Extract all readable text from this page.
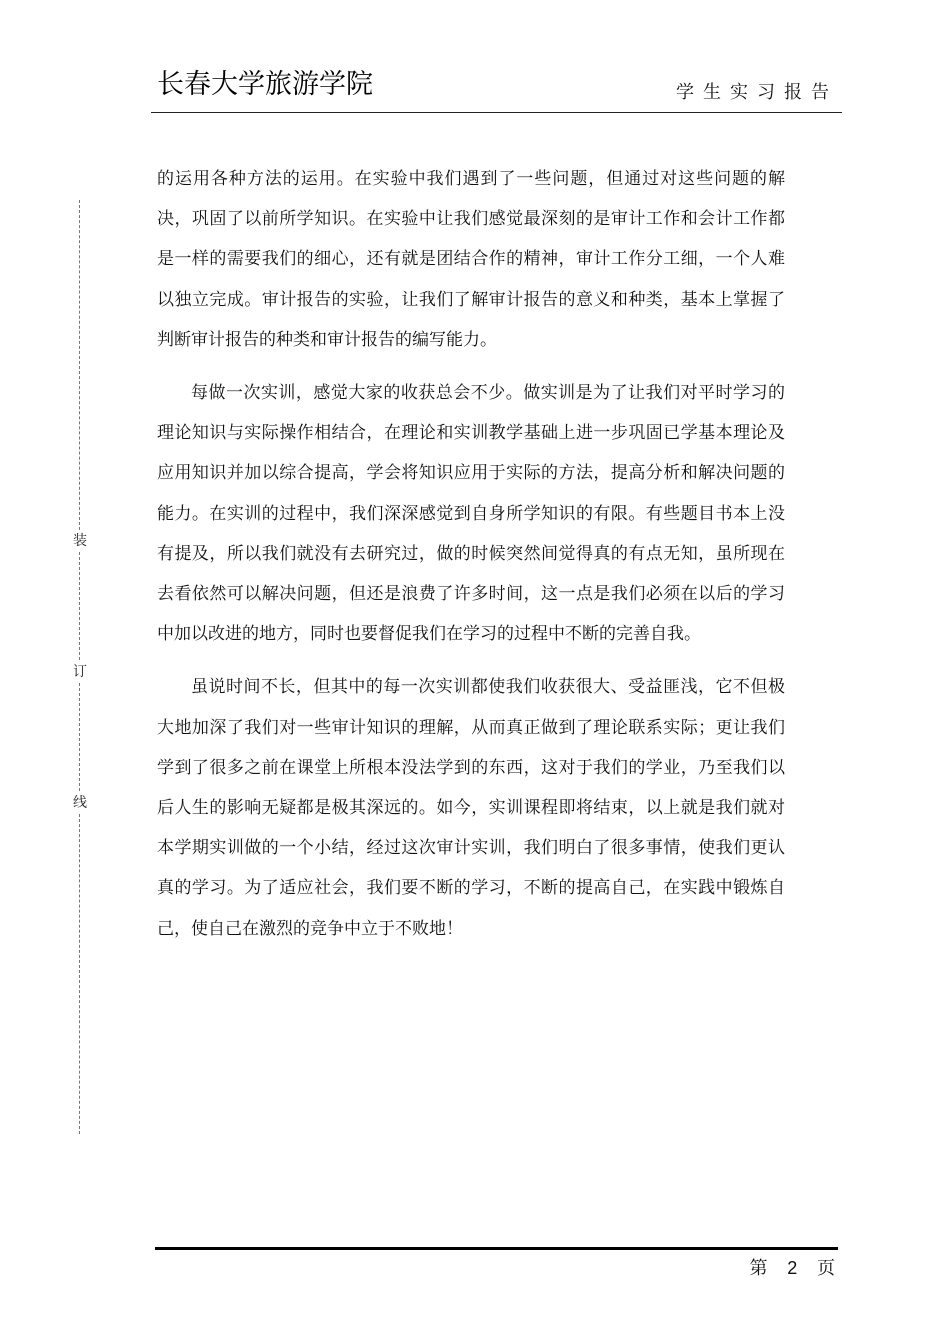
长春大学旅游学院	学生实习报告
装
订
线

的运用各种方法的运用。在实验中我们遇到了一些问题，但通过对这些问题的解决，巩固了以前所学知识。在实验中让我们感觉最深刻的是审计工作和会计工作都是一样的需要我们的细心，还有就是团结合作的精神，审计工作分工细，一个人难以独立完成。审计报告的实验，让我们了解审计报告的意义和种类，基本上掌握了判断审计报告的种类和审计报告的编写能力。

每做一次实训，感觉大家的收获总会不少。做实训是为了让我们对平时学习的理论知识与实际操作相结合，在理论和实训教学基础上进一步巩固已学基本理论及应用知识并加以综合提高，学会将知识应用于实际的方法，提高分析和解决问题的能力。在实训的过程中，我们深深感觉到自身所学知识的有限。有些题目书本上没有提及，所以我们就没有去研究过，做的时候突然间觉得真的有点无知，虽所现在去看依然可以解决问题，但还是浪费了许多时间，这一点是我们必须在以后的学习中加以改进的地方，同时也要督促我们在学习的过程中不断的完善自我。

虽说时间不长，但其中的每一次实训都使我们收获很大、受益匪浅，它不但极大地加深了我们对一些审计知识的理解，从而真正做到了理论联系实际；更让我们学到了很多之前在课堂上所根本没法学到的东西，这对于我们的学业，乃至我们以后人生的影响无疑都是极其深远的。如今，实训课程即将结束，以上就是我们就对本学期实训做的一个小结，经过这次审计实训，我们明白了很多事情，使我们更认真的学习。为了适应社会，我们要不断的学习，不断的提高自己，在实践中锻炼自己，使自己在激烈的竞争中立于不败地！

第 2 页
